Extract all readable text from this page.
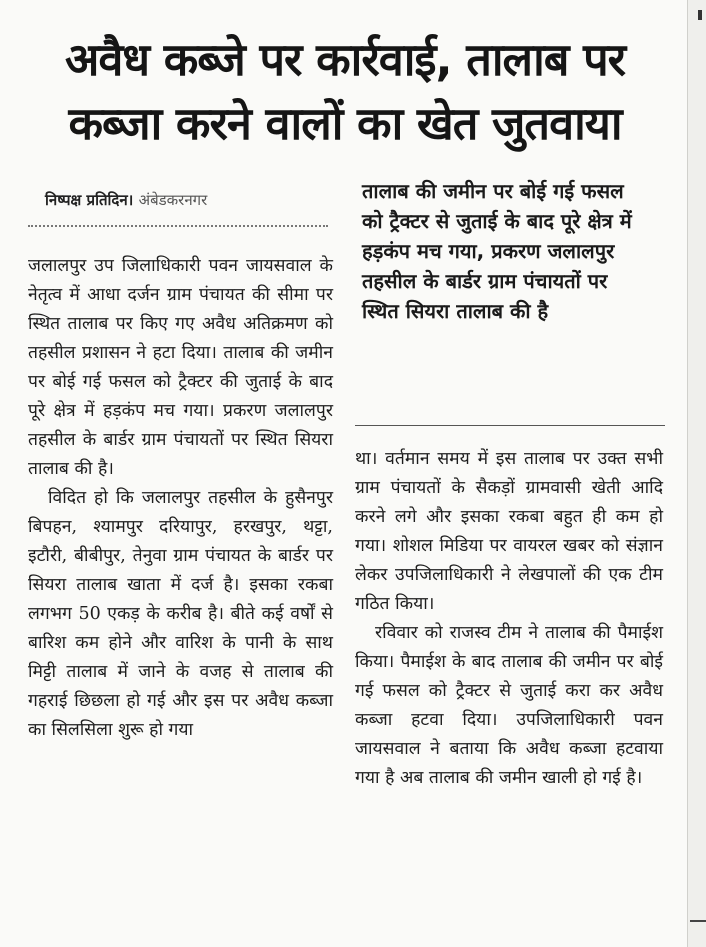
अवैध कब्जे पर कार्रवाई, तालाब पर
कब्जा करने वालों का खेत जुतवाया
निष्पक्ष प्रतिदिन। अंबेडकरनगर

जलालपुर उप जिलाधिकारी पवन जायसवाल के नेतृत्व में आधा दर्जन ग्राम पंचायत की सीमा पर स्थित तालाब पर किए गए अवैध अतिक्रमण को तहसील प्रशासन ने हटा दिया। तालाब की जमीन पर बोई गई फसल को ट्रैक्टर की जुताई के बाद पूरे क्षेत्र में हड़कंप मच गया। प्रकरण जलालपुर तहसील के बार्डर ग्राम पंचायतों पर स्थित सियरा तालाब की है।

विदित हो कि जलालपुर तहसील के हुसैनपुर बिपहन, श्यामपुर दरियापुर, हरखपुर, थट्टा, इटौरी, बीबीपुर, तेनुवा ग्राम पंचायत के बार्डर पर सियरा तालाब खाता में दर्ज है। इसका रकबा लगभग 50 एकड़ के करीब है। बीते कई वर्षों से बारिश कम होने और वारिश के पानी के साथ मिट्टी तालाब में जाने के वजह से तालाब की गहराई छिछला हो गई और इस पर अवैध कब्जा का सिलसिला शुरू हो गया

तालाब की जमीन पर बोई गई फसल को ट्रैक्टर से जुताई के बाद पूरे क्षेत्र में हड़कंप मच गया, प्रकरण जलालपुर तहसील के बार्डर ग्राम पंचायतों पर स्थित सियरा तालाब की है

था। वर्तमान समय में इस तालाब पर उक्त सभी ग्राम पंचायतों के सैकड़ों ग्रामवासी खेती आदि करने लगे और इसका रकबा बहुत ही कम हो गया। शोशल मिडिया पर वायरल खबर को संज्ञान लेकर उपजिलाधिकारी ने लेखपालों की एक टीम गठित किया।

रविवार को राजस्व टीम ने तालाब की पैमाईश किया। पैमाईश के बाद तालाब की जमीन पर बोई गई फसल को ट्रैक्टर से जुताई करा कर अवैध कब्जा हटवा दिया। उपजिलाधिकारी पवन जायसवाल ने बताया कि अवैध कब्जा हटवाया गया है अब तालाब की जमीन खाली हो गई है।
